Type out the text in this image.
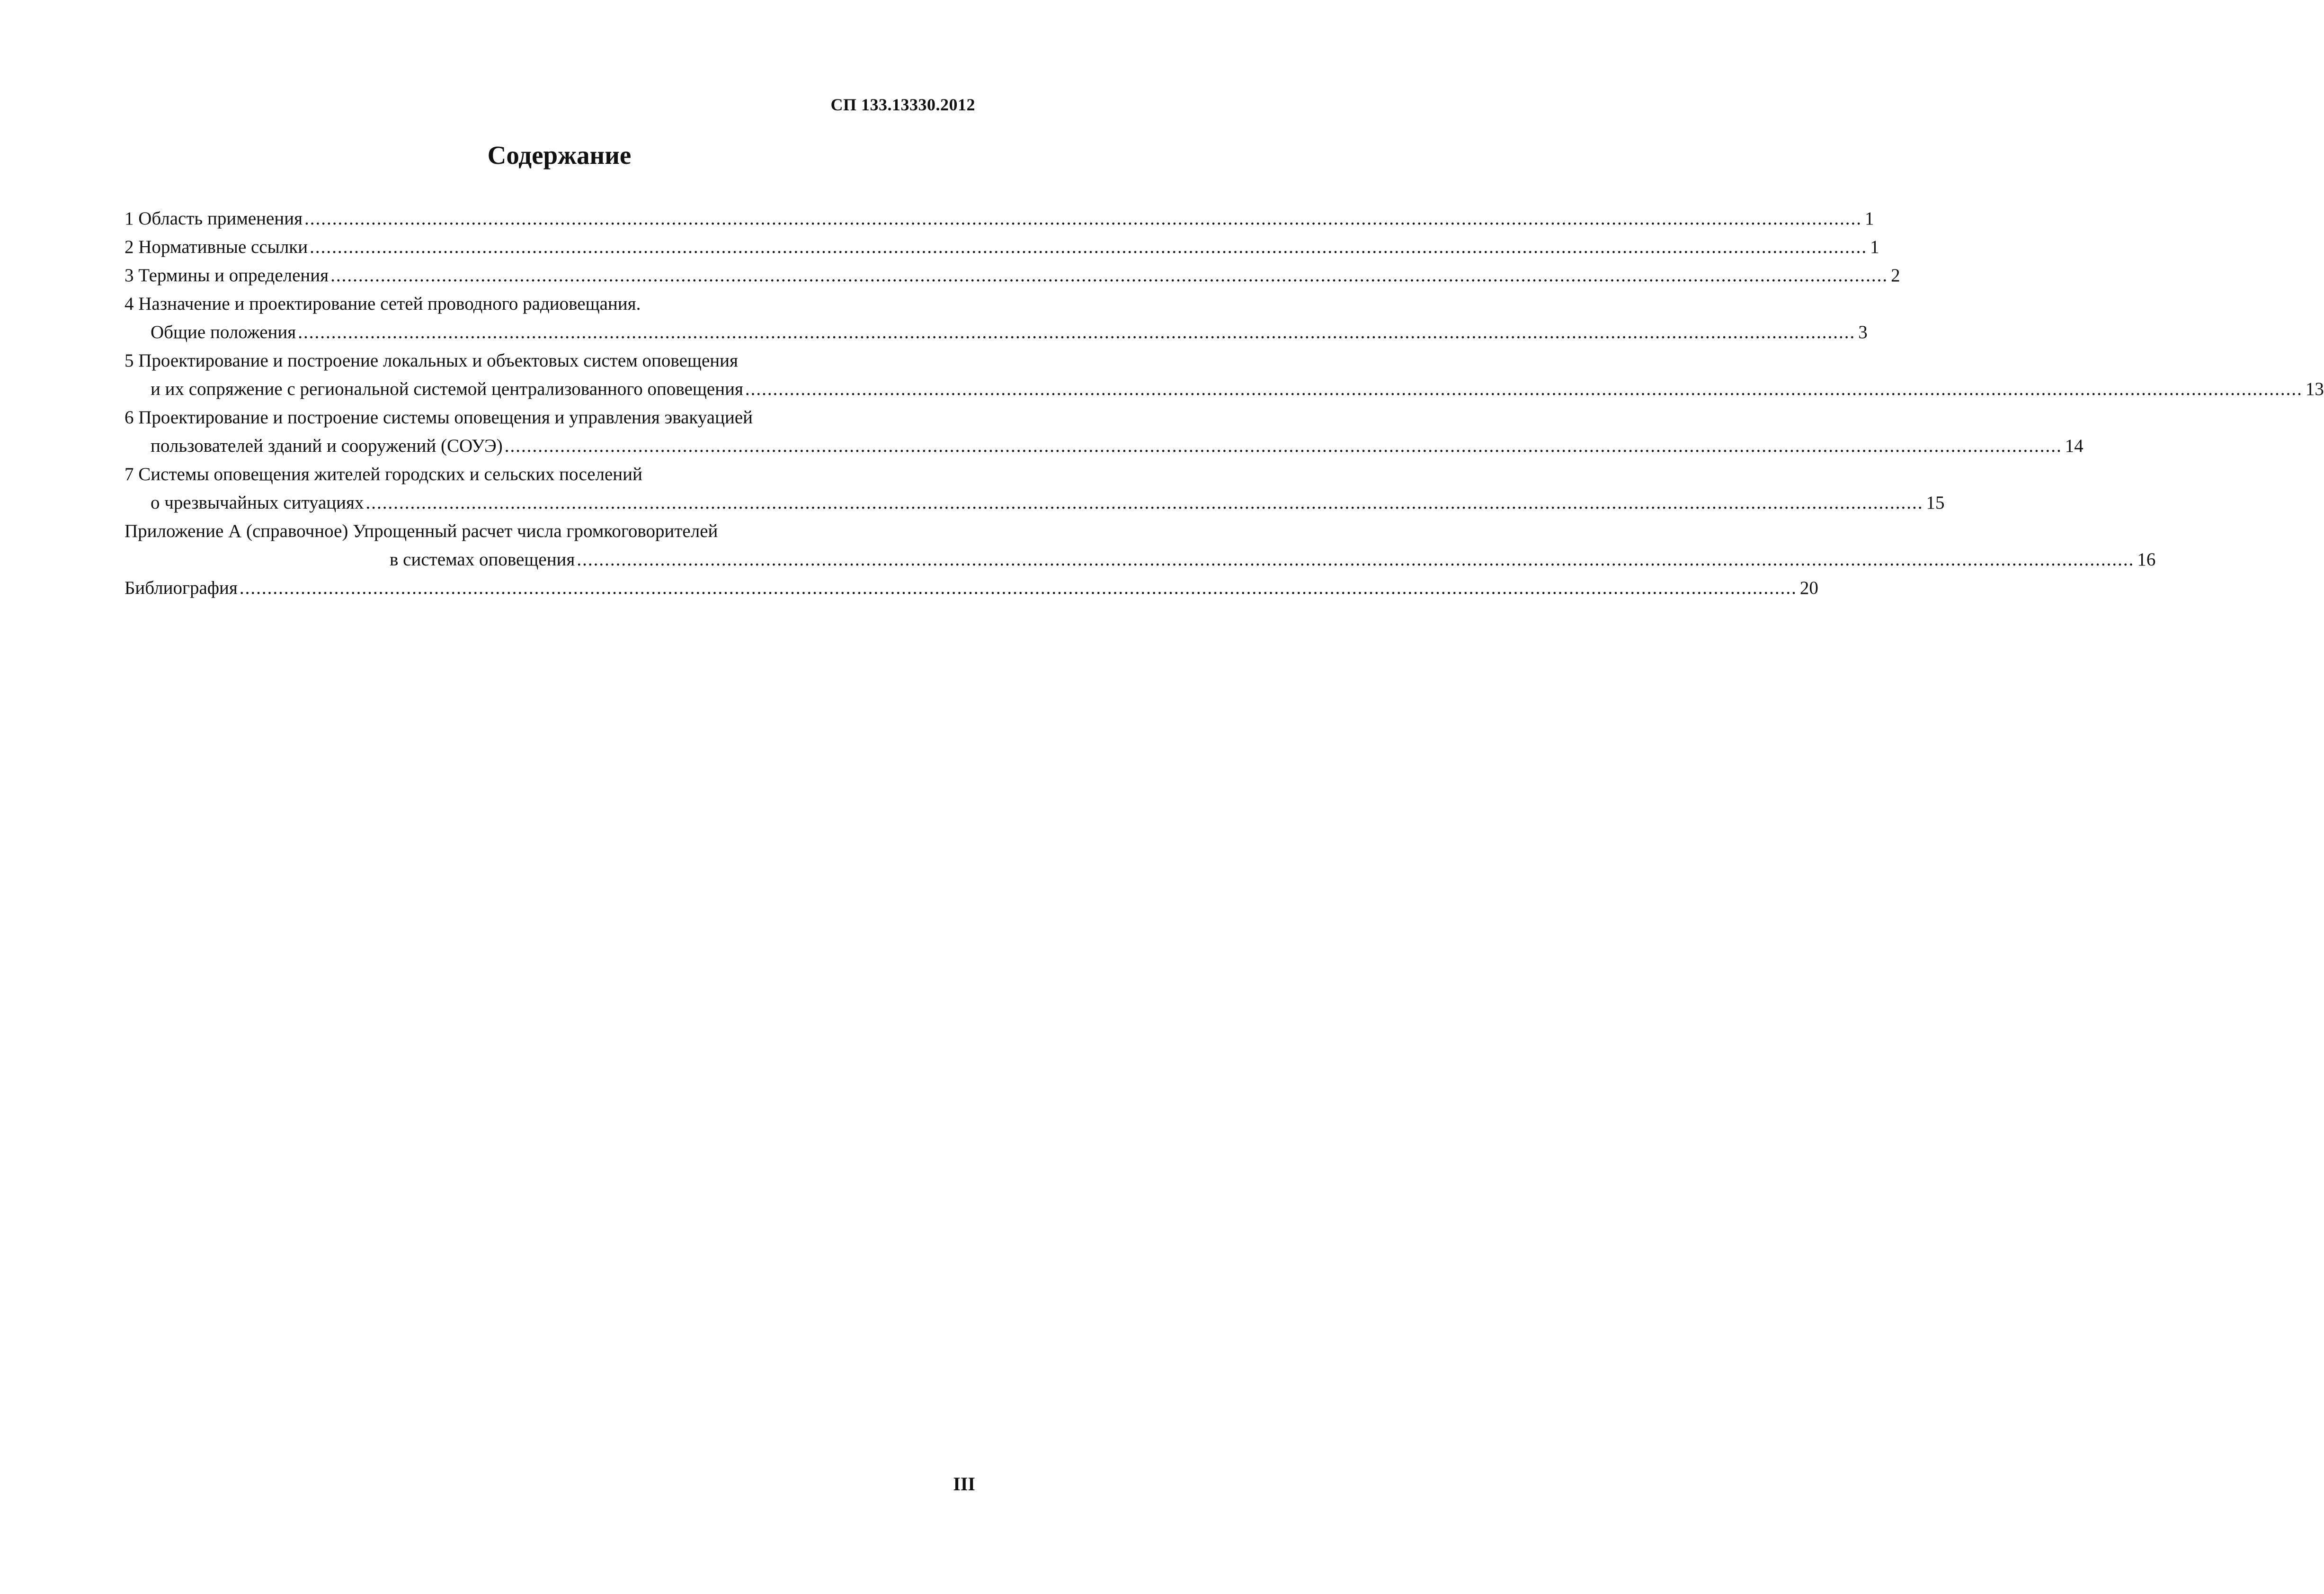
СП 133.13330.2012
Содержание
1 Область применения ........................................................................................................................................................................................................................................................................................ 1
2 Нормативные ссылки ........................................................................................................................................................................................................................................................................................ 1
3 Термины и определения ........................................................................................................................................................................................................................................................................................ 2
4 Назначение и проектирование сетей проводного радиовещания.
Общие положения ........................................................................................................................................................................................................................................................................................ 3
5 Проектирование и построение локальных и объектовых систем оповещения
и их сопряжение с региональной системой централизованного оповещения ........................................................................................................................................................................................................................................................................................ 13
6 Проектирование и построение системы оповещения и управления эвакуацией
пользователей зданий и сооружений (СОУЭ) ........................................................................................................................................................................................................................................................................................ 14
7 Системы оповещения жителей городских и сельских поселений
о чрезвычайных ситуациях ........................................................................................................................................................................................................................................................................................ 15
Приложение А (справочное) Упрощенный расчет числа громкоговорителей
в системах оповещения ........................................................................................................................................................................................................................................................................................ 16
Библиография ........................................................................................................................................................................................................................................................................................ 20
III
